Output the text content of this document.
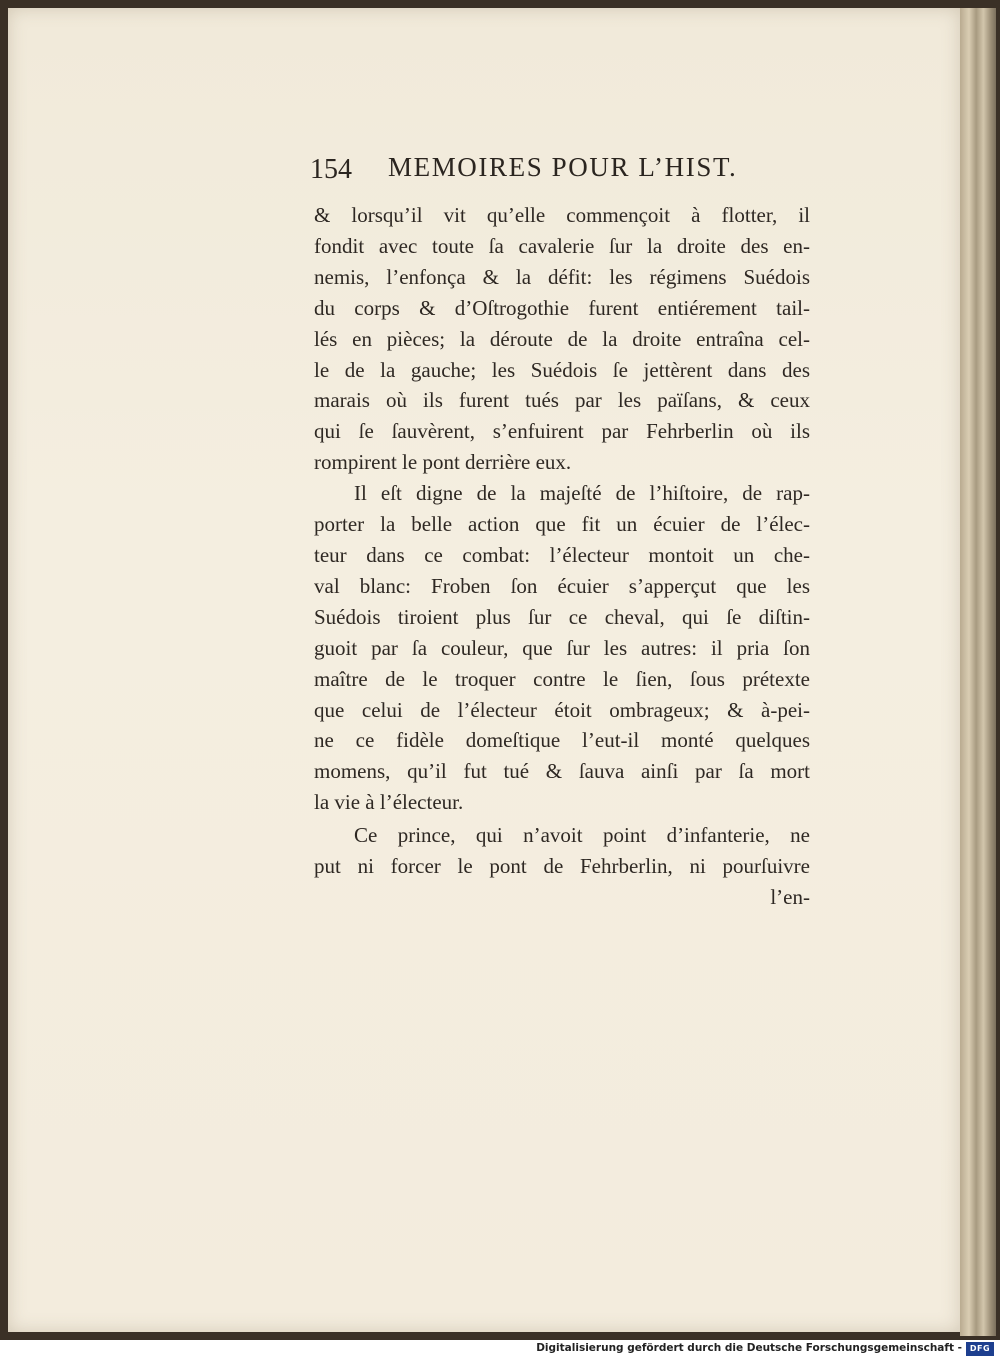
154 MEMOIRES POUR L’HIST.
& lorsqu’il vit qu’elle commençoit à flotter, il
fondit avec toute ſa cavalerie ſur la droite des en-
nemis, l’enfonça & la défit: les régimens Suédois
du corps & d’Oſtrogothie furent entiérement tail-
lés en pièces; la déroute de la droite entraîna cel-
le de la gauche; les Suédois ſe jettèrent dans des
marais où ils furent tués par les païſans, & ceux
qui ſe ſauvèrent, s’enfuirent par Fehrberlin où ils
rompirent le pont derrière eux.
Il eſt digne de la majeſté de l’hiſtoire, de rap-
porter la belle action que fit un écuier de l’élec-
teur dans ce combat: l’électeur montoit un che-
val blanc: Froben ſon écuier s’apperçut que les
Suédois tiroient plus ſur ce cheval, qui ſe diſtin-
guoit par ſa couleur, que ſur les autres: il pria ſon
maître de le troquer contre le ſien, ſous prétexte
que celui de l’électeur étoit ombrageux; & à-pei-
ne ce fidèle domeſtique l’eut-il monté quelques
momens, qu’il fut tué & ſauva ainſi par ſa mort
la vie à l’électeur.
Ce prince, qui n’avoit point d’infanterie, ne
put ni forcer le pont de Fehrberlin, ni pourſuivre
l’en-
Digitalisierung gefördert durch die Deutsche Forschungsgemeinschaft - DFG
